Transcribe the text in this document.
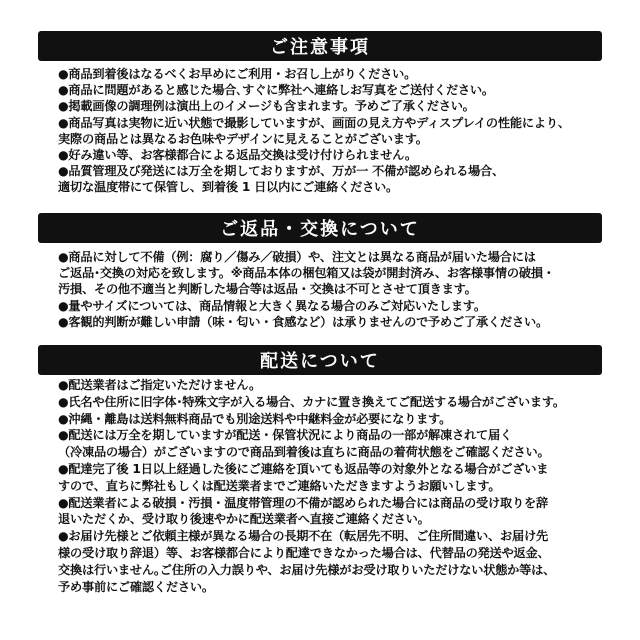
ご注意事項
●商品到着後はなるべくお早めにご利用・お召し上がりください。
●商品に問題があると感じた場合､すぐに弊社へ連絡しお写真をご送付ください。
●掲載画像の調理例は演出上のイメージも含まれます。予めご了承ください。
●商品写真は実物に近い状態で撮影していますが、画面の見え方やディスプレイの性能により、
実際の商品とは異なるお色味やデザインに見えることがございます。
●好み違い等、お客様都合による返品交換は受け付けられません。
●品質管理及び発送には万全を期しておりますが、万が一 不備が認められる場合、
適切な温度帯にて保管し、到着後 1 日以内にご連絡ください。
ご返品・交換について
●商品に対して不備（例：腐り／傷み／破損）や、注文とは異なる商品が届いた場合には
ご返品･交換の対応を致します。※商品本体の梱包箱又は袋が開封済み、お客様事情の破損・
汚損、その他不適当と判断した場合等は返品・交換は不可とさせて頂きます。
●量やサイズについては、商品情報と大きく異なる場合のみご対応いたします。
●客観的判断が難しい申請（味・匂い・食感など）は承りませんので予めご了承ください。
配送について
●配送業者はご指定いただけません。
●氏名や住所に旧字体･特殊文字が入る場合、カナに置き換えてご配送する場合がございます。
●沖縄・離島は送料無料商品でも別途送料や中継料金が必要になります。
●配送には万全を期していますが配送・保管状況により商品の一部が解凍されて届く
（冷凍品の場合）がございますので商品到着後は直ちに商品の着荷状態をご確認ください。
●配達完了後 1日以上経過した後にご連絡を頂いても返品等の対象外となる場合がございま
すので、直ちに弊社もしくは配送業者までご連絡いただきますようお願いします。
●配送業者による破損・汚損・温度帯管理の不備が認められた場合には商品の受け取りを辞
退いただくか、受け取り後速やかに配送業者へ直接ご連絡ください。
●お届け先様とご依頼主様が異なる場合の長期不在（転居先不明、ご住所間違い、お届け先
様の受け取り辞退）等、お客様都合により配達できなかった場合は、代替品の発送や返金、
交換は行いません｡ご住所の入力誤りや、お届け先様がお受け取りいただけない状態か等は、
予め事前にご確認ください。
